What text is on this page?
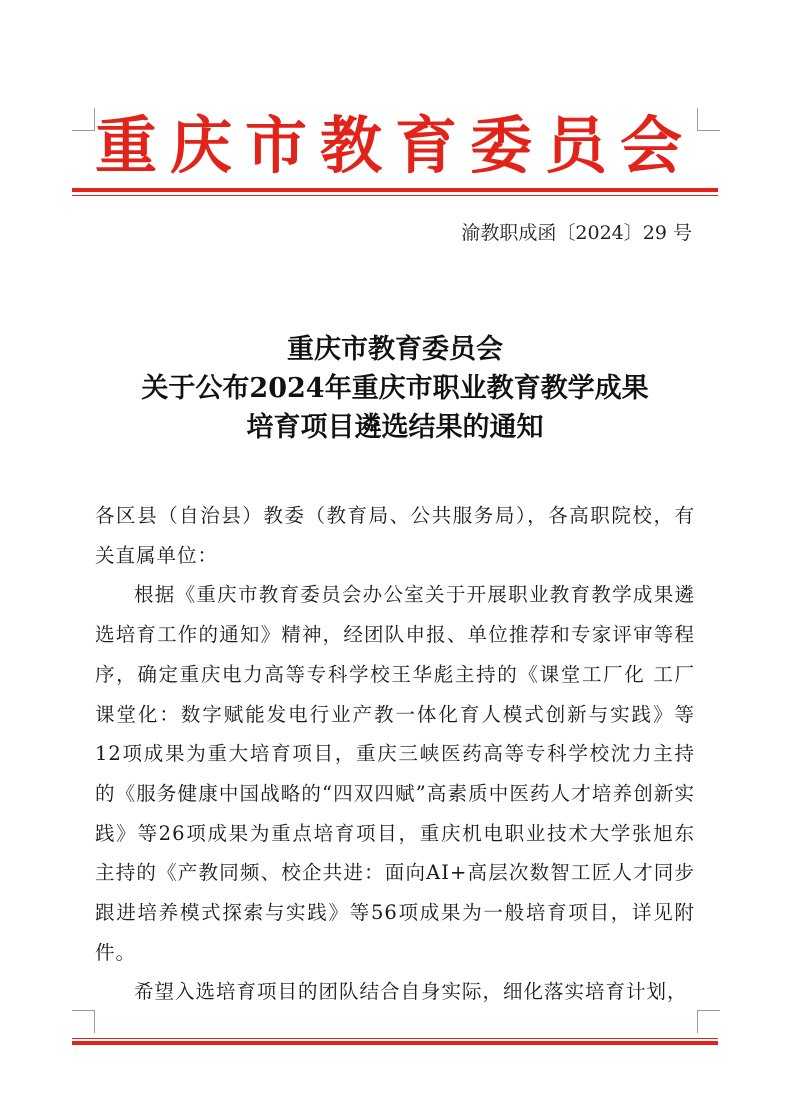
重庆市教育委员会
渝教职成函〔2024〕29 号
重庆市教育委员会
关于公布2024年重庆市职业教育教学成果
培育项目遴选结果的通知

各区县（自治县）教委（教育局、公共服务局），各高职院校，有关直属单位：

根据《重庆市教育委员会办公室关于开展职业教育教学成果遴选培育工作的通知》精神，经团队申报、单位推荐和专家评审等程序，确定重庆电力高等专科学校王华彪主持的《课堂工厂化 工厂课堂化：数字赋能发电行业产教一体化育人模式创新与实践》等12项成果为重大培育项目，重庆三峡医药高等专科学校沈力主持的《服务健康中国战略的“四双四赋”高素质中医药人才培养创新实践》等26项成果为重点培育项目，重庆机电职业技术大学张旭东主持的《产教同频、校企共进：面向AI+高层次数智工匠人才同步跟进培养模式探索与实践》等56项成果为一般培育项目，详见附件。

希望入选培育项目的团队结合自身实际，细化落实培育计划，
